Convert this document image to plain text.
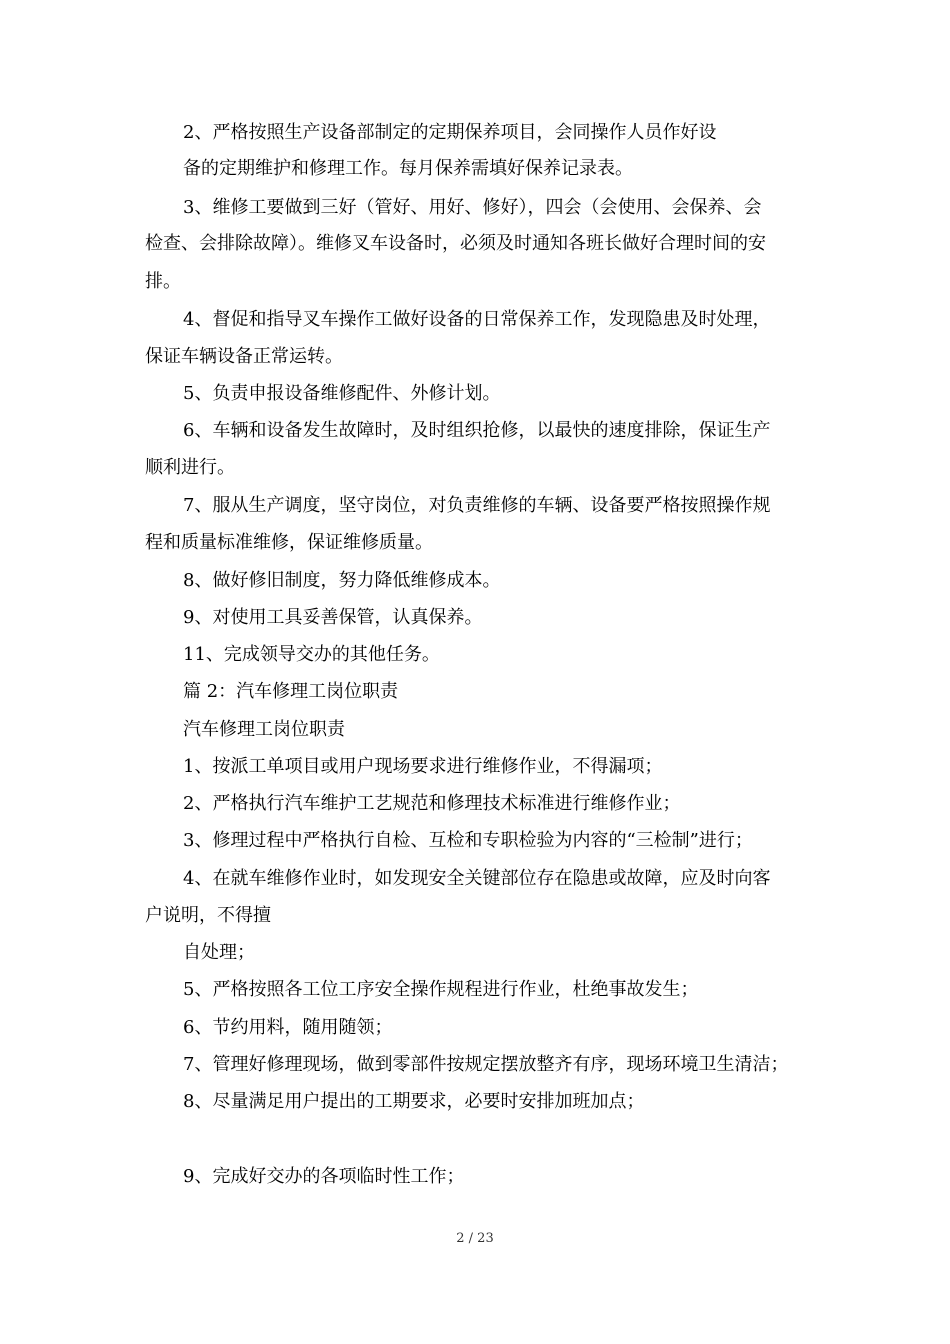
2、严格按照生产设备部制定的定期保养项目，会同操作人员作好设
备的定期维护和修理工作。每月保养需填好保养记录表。
3、维修工要做到三好（管好、用好、修好），四会（会使用、会保养、会
检查、会排除故障）。维修叉车设备时，必须及时通知各班长做好合理时间的安
排。
4、督促和指导叉车操作工做好设备的日常保养工作，发现隐患及时处理，
保证车辆设备正常运转。
5、负责申报设备维修配件、外修计划。
6、车辆和设备发生故障时，及时组织抢修，以最快的速度排除，保证生产
顺利进行。
7、服从生产调度，坚守岗位，对负责维修的车辆、设备要严格按照操作规
程和质量标准维修，保证维修质量。
8、做好修旧制度，努力降低维修成本。
9、对使用工具妥善保管，认真保养。
11、完成领导交办的其他任务。
篇 2：汽车修理工岗位职责
汽车修理工岗位职责
1、按派工单项目或用户现场要求进行维修作业，不得漏项；
2、严格执行汽车维护工艺规范和修理技术标准进行维修作业；
3、修理过程中严格执行自检、互检和专职检验为内容的“三检制”进行；
4、在就车维修作业时，如发现安全关键部位存在隐患或故障，应及时向客
户说明，不得擅
自处理；
5、严格按照各工位工序安全操作规程进行作业，杜绝事故发生；
6、节约用料，随用随领；
7、管理好修理现场，做到零部件按规定摆放整齐有序，现场环境卫生清洁；
8、尽量满足用户提出的工期要求，必要时安排加班加点；
9、完成好交办的各项临时性工作；
2 / 23
